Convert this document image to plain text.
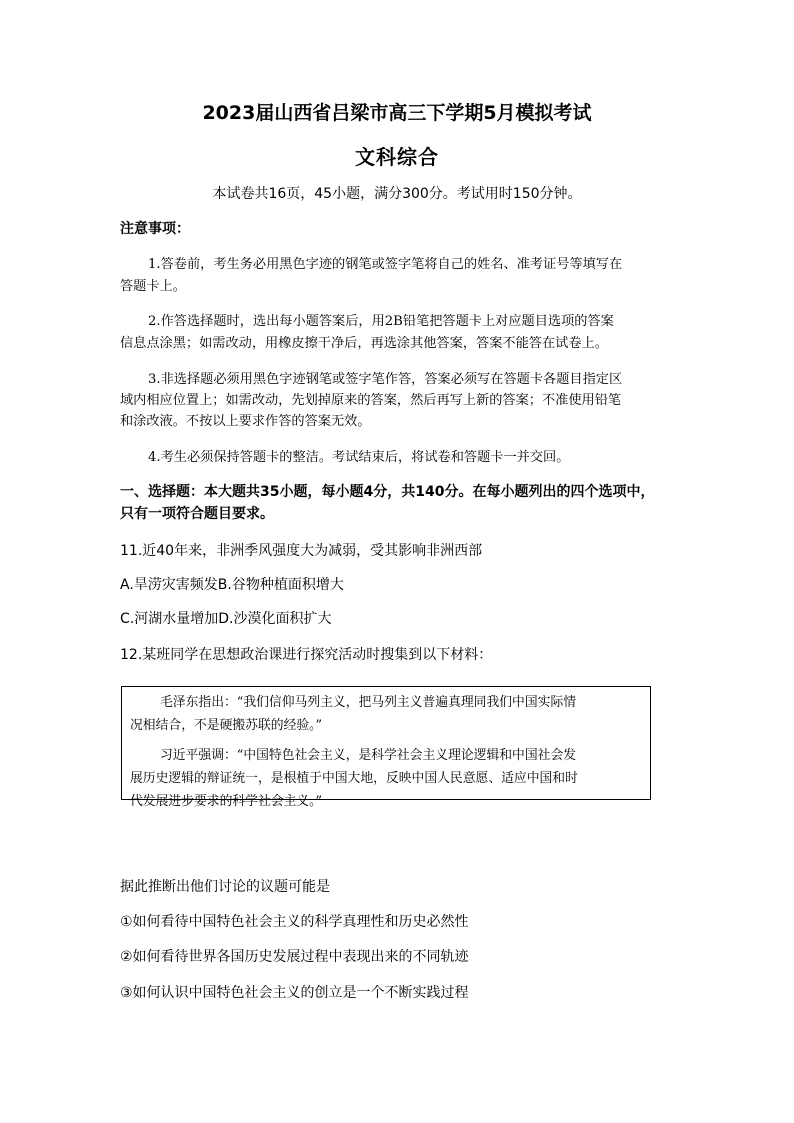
2023届山西省吕梁市高三下学期5月模拟考试
文科综合
本试卷共16页，45小题，满分300分。考试用时150分钟。
注意事项：
1.答卷前，考生务必用黑色字迹的钢笔或签字笔将自己的姓名、准考证号等填写在
答题卡上。
2.作答选择题时，选出每小题答案后，用2B铅笔把答题卡上对应题目选项的答案
信息点涂黑；如需改动，用橡皮擦干净后，再选涂其他答案，答案不能答在试卷上。
3.非选择题必须用黑色字迹钢笔或签字笔作答，答案必须写在答题卡各题目指定区
域内相应位置上；如需改动，先划掉原来的答案，然后再写上新的答案；不准使用铅笔
和涂改液。不按以上要求作答的答案无效。
4.考生必须保持答题卡的整洁。考试结束后，将试卷和答题卡一并交回。
一、选择题：本大题共35小题，每小题4分，共140分。在每小题列出的四个选项中，
只有一项符合题目要求。
11.近40年来，非洲季风强度大为减弱，受其影响非洲西部
A.旱涝灾害频发B.谷物种植面积增大
C.河湖水量增加D.沙漠化面积扩大
12.某班同学在思想政治课进行探究活动时搜集到以下材料：
毛泽东指出：“我们信仰马列主义，把马列主义普遍真理同我们中国实际情
况相结合，不是硬搬苏联的经验。”
习近平强调：“中国特色社会主义，是科学社会主义理论逻辑和中国社会发
展历史逻辑的辩证统一，是根植于中国大地，反映中国人民意愿、适应中国和时
代发展进步要求的科学社会主义。”
据此推断出他们讨论的议题可能是
①如何看待中国特色社会主义的科学真理性和历史必然性
②如何看待世界各国历史发展过程中表现出来的不同轨迹
③如何认识中国特色社会主义的创立是一个不断实践过程
